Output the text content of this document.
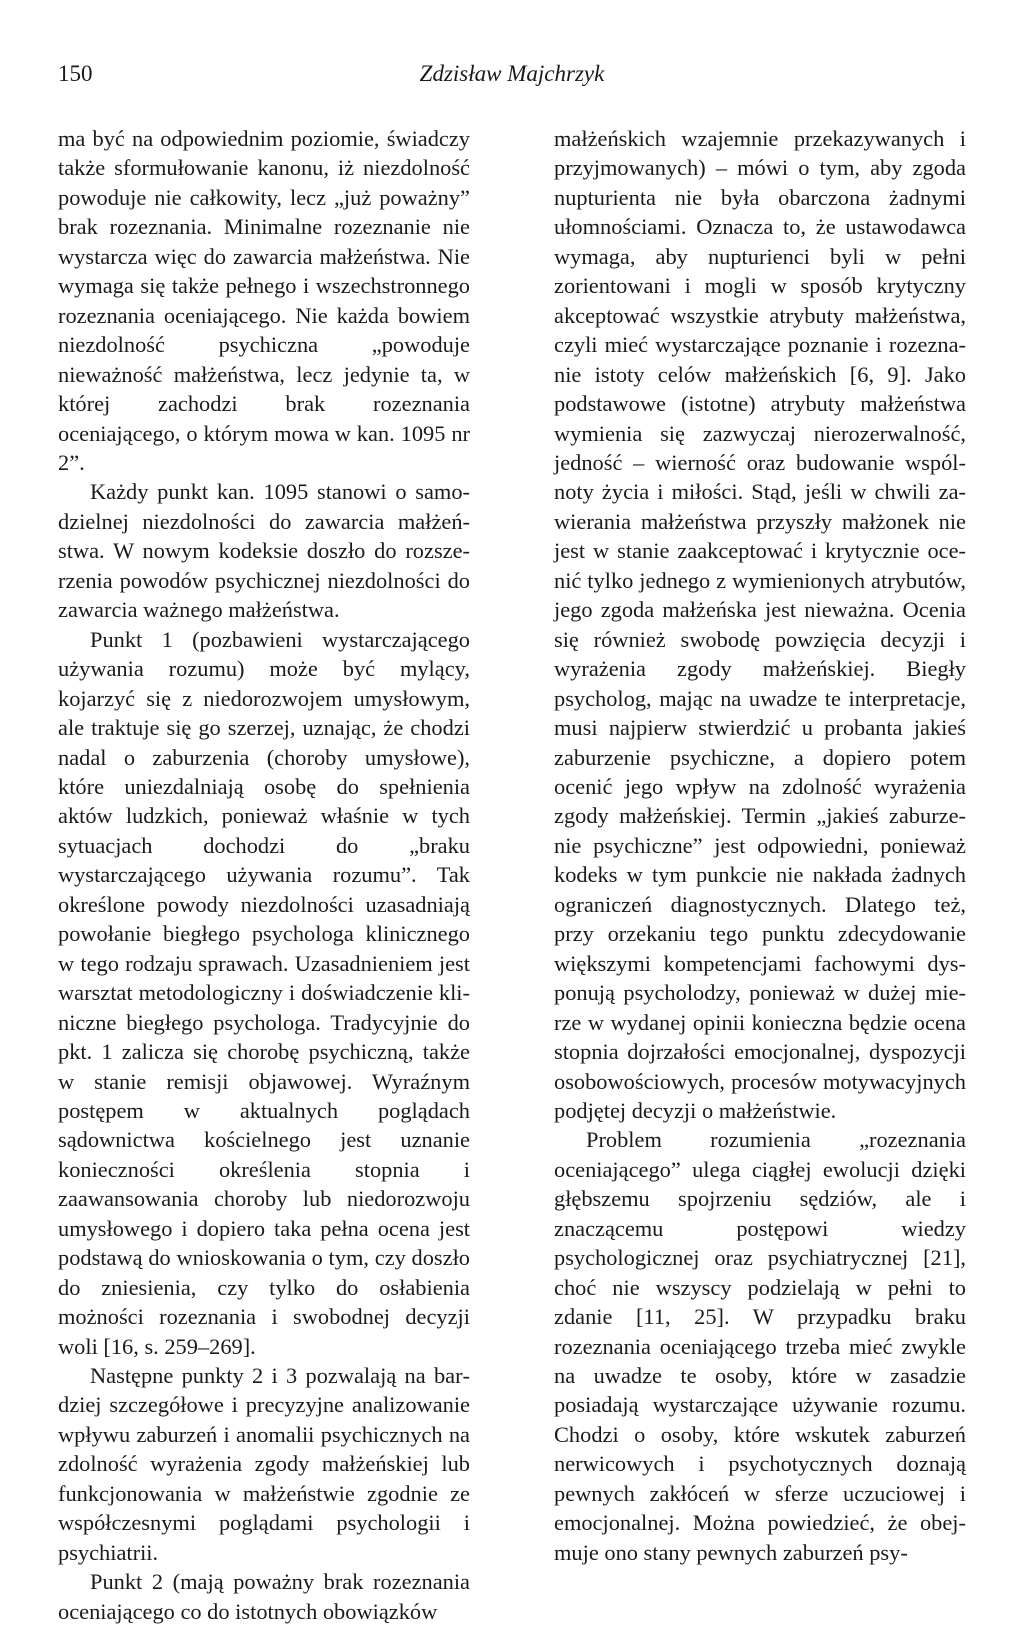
150	Zdzisław Majchrzyk

ma być na odpowiednim poziomie, świadczy także sformułowanie kanonu, iż niezdolność powoduje nie całkowity, lecz „już poważny” brak rozeznania. Minimalne rozeznanie nie wystarcza więc do zawarcia małżeństwa. Nie wymaga się także pełnego i wszechstronnego rozeznania oceniającego. Nie każda bowiem niezdolność psychiczna „powoduje nieważność małżeństwa, lecz jedynie ta, w której zachodzi brak rozeznania oceniającego, o którym mowa w kan. 1095 nr 2”.

Każdy punkt kan. 1095 stanowi o samodzielnej niezdolności do zawarcia małżeństwa. W nowym kodeksie doszło do rozszerzenia powodów psychicznej niezdolności do zawarcia ważnego małżeństwa.

Punkt 1 (pozbawieni wystarczającego używania rozumu) może być mylący, kojarzyć się z niedorozwojem umysłowym, ale traktuje się go szerzej, uznając, że chodzi nadal o zaburzenia (choroby umysłowe), które uniezdalniają osobę do spełnienia aktów ludzkich, ponieważ właśnie w tych sytuacjach dochodzi do „braku wystarczającego używania rozumu”. Tak określone powody niezdolności uzasadniają powołanie biegłego psychologa klinicznego w tego rodzaju sprawach. Uzasadnieniem jest warsztat metodologiczny i doświadczenie kliniczne biegłego psychologa. Tradycyjnie do pkt. 1 zalicza się chorobę psychiczną, także w stanie remisji objawowej. Wyraźnym postępem w aktualnych poglądach sądownictwa kościelnego jest uznanie konieczności określenia stopnia i zaawansowania choroby lub niedorozwoju umysłowego i dopiero taka pełna ocena jest podstawą do wnioskowania o tym, czy doszło do zniesienia, czy tylko do osłabienia możności rozeznania i swobodnej decyzji woli [16, s. 259–269].

Następne punkty 2 i 3 pozwalają na bardziej szczegółowe i precyzyjne analizowanie wpływu zaburzeń i anomalii psychicznych na zdolność wyrażenia zgody małżeńskiej lub funkcjonowania w małżeństwie zgodnie ze współczesnymi poglądami psychologii i psychiatrii.

Punkt 2 (mają poważny brak rozeznania oceniającego co do istotnych obowiązków

małżeńskich wzajemnie przekazywanych i przyjmowanych) – mówi o tym, aby zgoda nupturienta nie była obarczona żadnymi ułomnościami. Oznacza to, że ustawodawca wymaga, aby nupturienci byli w pełni zorientowani i mogli w sposób krytyczny akceptować wszystkie atrybuty małżeństwa, czyli mieć wystarczające poznanie i rozeznanie istoty celów małżeńskich [6, 9]. Jako podstawowe (istotne) atrybuty małżeństwa wymienia się zazwyczaj nierozerwalność, jedność – wierność oraz budowanie wspólnoty życia i miłości. Stąd, jeśli w chwili zawierania małżeństwa przyszły małżonek nie jest w stanie zaakceptować i krytycznie ocenić tylko jednego z wymienionych atrybutów, jego zgoda małżeńska jest nieważna. Ocenia się również swobodę powzięcia decyzji i wyrażenia zgody małżeńskiej. Biegły psycholog, mając na uwadze te interpretacje, musi najpierw stwierdzić u probanta jakieś zaburzenie psychiczne, a dopiero potem ocenić jego wpływ na zdolność wyrażenia zgody małżeńskiej. Termin „jakieś zaburzenie psychiczne” jest odpowiedni, ponieważ kodeks w tym punkcie nie nakłada żadnych ograniczeń diagnostycznych. Dlatego też, przy orzekaniu tego punktu zdecydowanie większymi kompetencjami fachowymi dysponują psycholodzy, ponieważ w dużej mierze w wydanej opinii konieczna będzie ocena stopnia dojrzałości emocjonalnej, dyspozycji osobowościowych, procesów motywacyjnych podjętej decyzji o małżeństwie.

Problem rozumienia „rozeznania oceniającego” ulega ciągłej ewolucji dzięki głębszemu spojrzeniu sędziów, ale i znaczącemu postępowi wiedzy psychologicznej oraz psychiatrycznej [21], choć nie wszyscy podzielają w pełni to zdanie [11, 25]. W przypadku braku rozeznania oceniającego trzeba mieć zwykle na uwadze te osoby, które w zasadzie posiadają wystarczające używanie rozumu. Chodzi o osoby, które wskutek zaburzeń nerwicowych i psychotycznych doznają pewnych zakłóceń w sferze uczuciowej i emocjonalnej. Można powiedzieć, że obejmuje ono stany pewnych zaburzeń psy-
